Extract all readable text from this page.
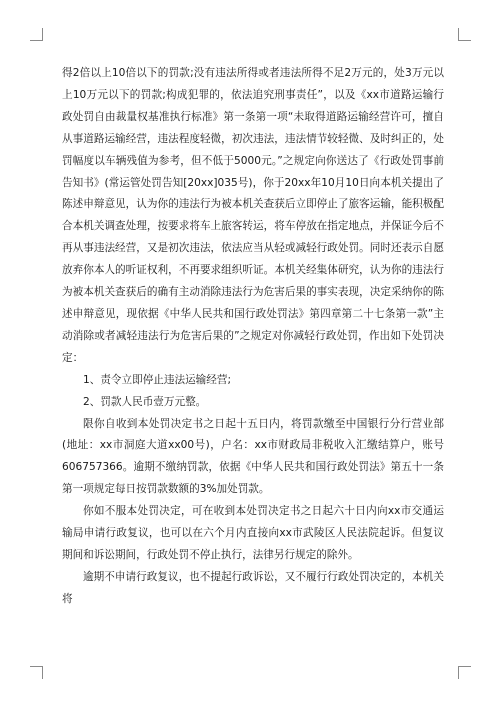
得2倍以上10倍以下的罚款;没有违法所得或者违法所得不足2万元的，处3万元以上10万元以下的罚款;构成犯罪的，依法追究刑事责任”，以及《xx市道路运输行政处罚自由裁量权基准执行标准》第一条第一项“未取得道路运输经营许可，擅自从事道路运输经营，违法程度轻微，初次违法，违法情节较轻微、及时纠正的，处罚幅度以车辆残值为参考，但不低于5000元。”之规定向你送达了《行政处罚事前告知书》(常运管处罚告知[20xx]035号)，你于20xx年10月10日向本机关提出了陈述申辩意见，认为你的违法行为被本机关查获后立即停止了旅客运输，能积极配合本机关调查处理，按要求将车上旅客转运，将车停放在指定地点，并保证今后不再从事违法经营，又是初次违法，依法应当从轻或减轻行政处罚。同时还表示自愿放弃你本人的听证权利，不再要求组织听证。本机关经集体研究，认为你的违法行为被本机关查获后的确有主动消除违法行为危害后果的事实表现，决定采纳你的陈述申辩意见，现依据《中华人民共和国行政处罚法》第四章第二十七条第一款”主动消除或者减轻违法行为危害后果的”之规定对你减轻行政处罚，作出如下处罚决定：

1、责令立即停止违法运输经营;

2、罚款人民币壹万元整。

限你自收到本处罚决定书之日起十五日内，将罚款缴至中国银行分行营业部(地址：xx市洞庭大道xx00号)，户名：xx市财政局非税收入汇缴结算户，账号606757366。逾期不缴纳罚款，依据《中华人民共和国行政处罚法》第五十一条第一项规定每日按罚款数额的3%加处罚款。

你如不服本处罚决定，可在收到本处罚决定书之日起六十日内向xx市交通运输局申请行政复议，也可以在六个月内直接向xx市武陵区人民法院起诉。但复议期间和诉讼期间，行政处罚不停止执行，法律另行规定的除外。

逾期不申请行政复议，也不提起行政诉讼，又不履行行政处罚决定的，本机关将
